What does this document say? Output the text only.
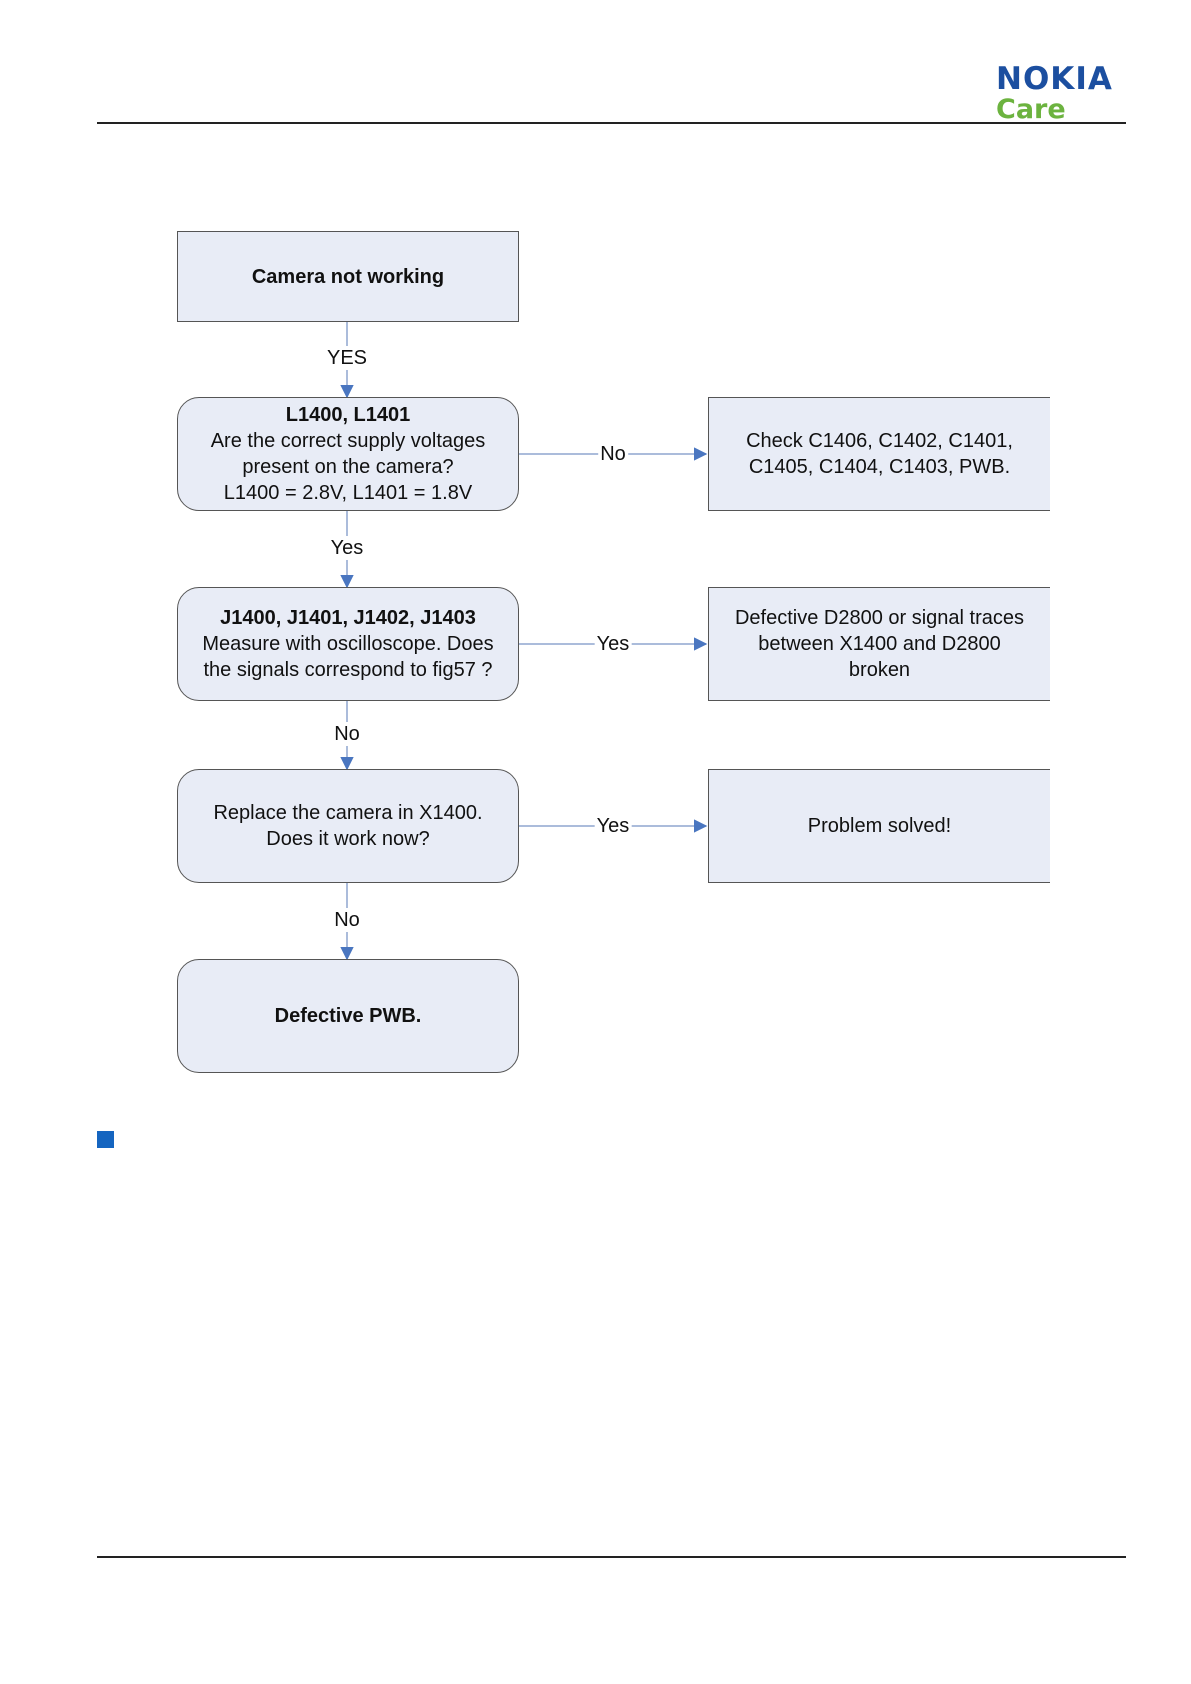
NOKIA
Care
YES
Yes
No
Yes
No
Yes
No
Camera not working
L1400, L1401
Are the correct supply voltages
present on the camera?
L1400 = 2.8V, L1401 = 1.8V
Check C1406, C1402, C1401,
C1405, C1404, C1403, PWB.
J1400, J1401, J1402, J1403
Measure with oscilloscope. Does
the signals correspond to fig57 ?
Defective D2800 or signal traces
between X1400 and D2800
broken
Replace the camera in X1400.
Does it work now?
Problem solved!
Defective PWB.
